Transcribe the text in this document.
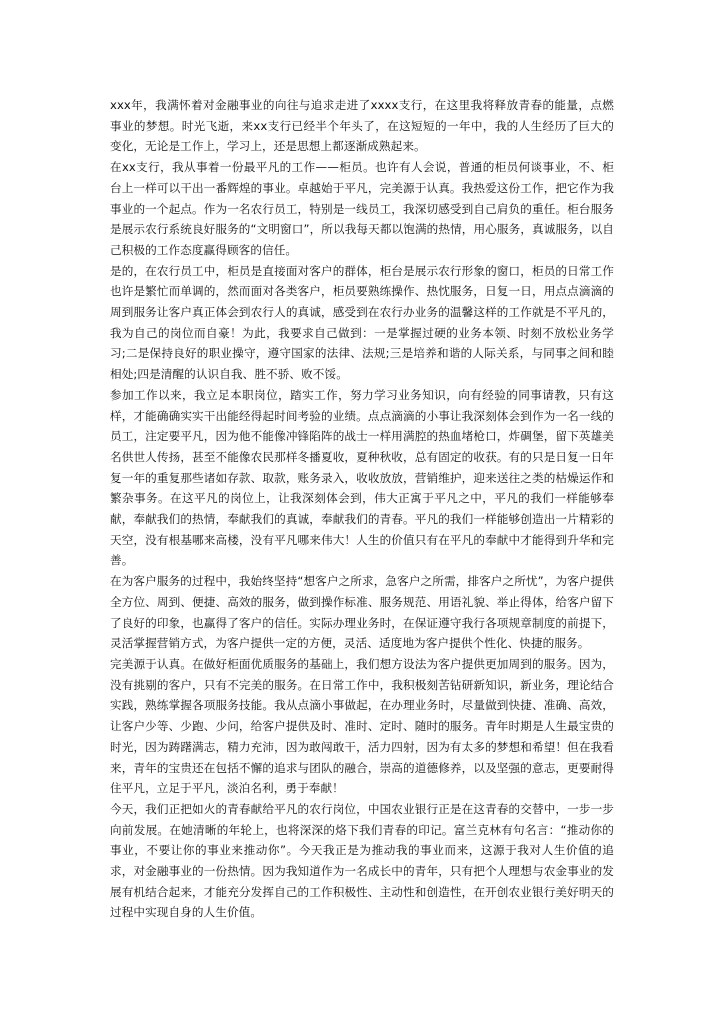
xxx年，我满怀着对金融事业的向往与追求走进了xxxx支行，在这里我将释放青春的能量，点燃事业的梦想。时光飞逝，来xx支行已经半个年头了，在这短短的一年中，我的人生经历了巨大的变化，无论是工作上，学习上，还是思想上都逐渐成熟起来。

在xx支行，我从事着一份最平凡的工作——柜员。也许有人会说，普通的柜员何谈事业，不、柜台上一样可以干出一番辉煌的事业。卓越始于平凡，完美源于认真。我热爱这份工作，把它作为我事业的一个起点。作为一名农行员工，特别是一线员工，我深切感受到自己肩负的重任。柜台服务是展示农行系统良好服务的“文明窗口”，所以我每天都以饱满的热情，用心服务，真诚服务，以自己积极的工作态度赢得顾客的信任。

是的，在农行员工中，柜员是直接面对客户的群体，柜台是展示农行形象的窗口，柜员的日常工作也许是繁忙而单调的，然而面对各类客户，柜员要熟练操作、热忱服务，日复一日，用点点滴滴的周到服务让客户真正体会到农行人的真诚，感受到在农行办业务的温馨这样的工作就是不平凡的，我为自己的岗位而自豪！为此，我要求自己做到：一是掌握过硬的业务本领、时刻不放松业务学习;二是保持良好的职业操守，遵守国家的法律、法规;三是培养和谐的人际关系，与同事之间和睦相处;四是清醒的认识自我、胜不骄、败不馁。

参加工作以来，我立足本职岗位，踏实工作，努力学习业务知识，向有经验的同事请教，只有这样，才能确确实实干出能经得起时间考验的业绩。点点滴滴的小事让我深刻体会到作为一名一线的员工，注定要平凡，因为他不能像冲锋陷阵的战士一样用满腔的热血堵枪口，炸碉堡，留下英雄美名供世人传扬，甚至不能像农民那样冬播夏收，夏种秋收，总有固定的收获。有的只是日复一日年复一年的重复那些诸如存款、取款，账务录入，收收放放，营销维护，迎来送往之类的枯燥运作和繁杂事务。在这平凡的岗位上，让我深刻体会到，伟大正寓于平凡之中，平凡的我们一样能够奉献，奉献我们的热情，奉献我们的真诚，奉献我们的青春。平凡的我们一样能够创造出一片精彩的天空，没有根基哪来高楼，没有平凡哪来伟大！人生的价值只有在平凡的奉献中才能得到升华和完善。

在为客户服务的过程中，我始终坚持“想客户之所求，急客户之所需，排客户之所忧”，为客户提供全方位、周到、便捷、高效的服务，做到操作标准、服务规范、用语礼貌、举止得体，给客户留下了良好的印象，也赢得了客户的信任。实际办理业务时，在保证遵守我行各项规章制度的前提下，灵活掌握营销方式，为客户提供一定的方便，灵活、适度地为客户提供个性化、快捷的服务。

完美源于认真。在做好柜面优质服务的基础上，我们想方设法为客户提供更加周到的服务。因为，没有挑剔的客户，只有不完美的服务。在日常工作中，我积极刻苦钻研新知识，新业务，理论结合实践，熟练掌握各项服务技能。我从点滴小事做起，在办理业务时，尽量做到快捷、准确、高效，让客户少等、少跑、少问，给客户提供及时、准时、定时、随时的服务。青年时期是人生最宝贵的时光，因为踌躇满志，精力充沛，因为敢闯敢干，活力四射，因为有太多的梦想和希望！但在我看来，青年的宝贵还在包括不懈的追求与团队的融合，崇高的道德修养，以及坚强的意志，更要耐得住平凡，立足于平凡，淡泊名利，勇于奉献！

今天，我们正把如火的青春献给平凡的农行岗位，中国农业银行正是在这青春的交替中，一步一步向前发展。在她清晰的年轮上，也将深深的烙下我们青春的印记。富兰克林有句名言：“推动你的事业，不要让你的事业来推动你”。今天我正是为推动我的事业而来，这源于我对人生价值的追求，对金融事业的一份热情。因为我知道作为一名成长中的青年，只有把个人理想与农金事业的发展有机结合起来，才能充分发挥自己的工作积极性、主动性和创造性，在开创农业银行美好明天的过程中实现自身的人生价值。
